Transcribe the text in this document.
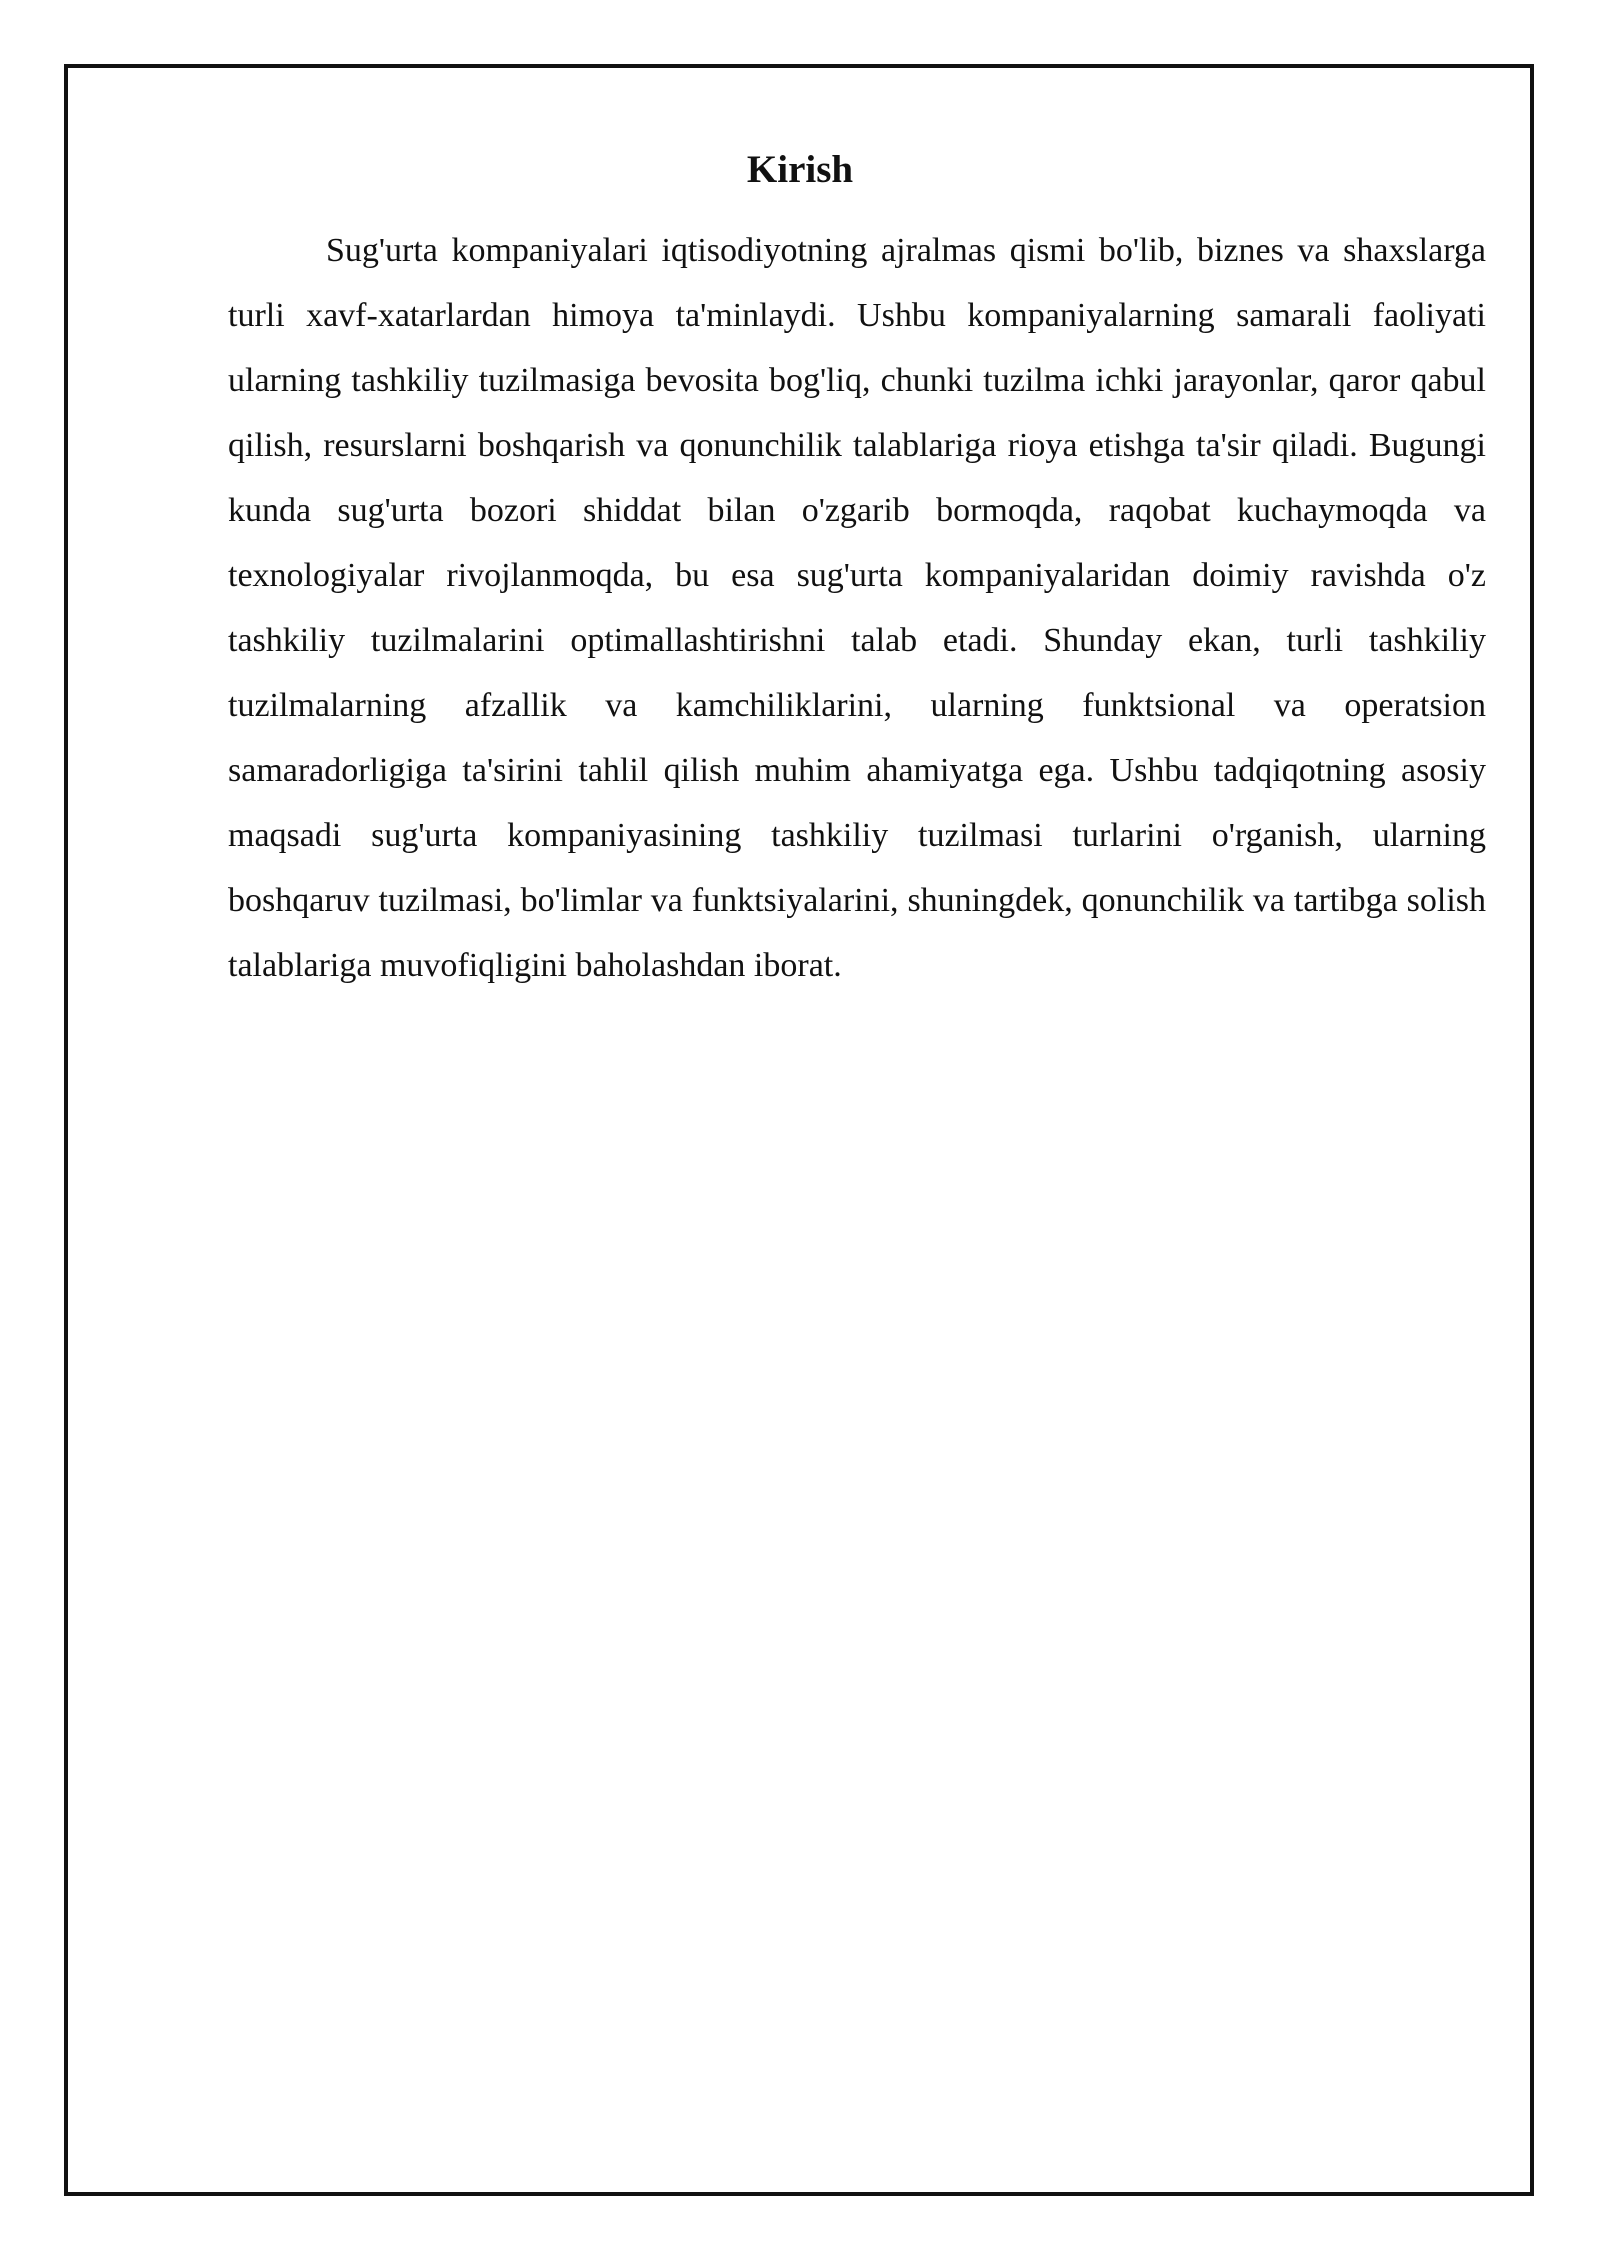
Kirish

Sug'urta kompaniyalari iqtisodiyotning ajralmas qismi bo'lib, biznes va shaxslarga turli xavf-xatarlardan himoya ta'minlaydi. Ushbu kompaniyalarning samarali faoliyati ularning tashkiliy tuzilmasiga bevosita bog'liq, chunki tuzilma ichki jarayonlar, qaror qabul qilish, resurslarni boshqarish va qonunchilik talablariga rioya etishga ta'sir qiladi. Bugungi kunda sug'urta bozori shiddat bilan o'zgarib bormoqda, raqobat kuchaymoqda va texnologiyalar rivojlanmoqda, bu esa sug'urta kompaniyalaridan doimiy ravishda o'z tashkiliy tuzilmalarini optimallashtirishni talab etadi. Shunday ekan, turli tashkiliy tuzilmalarning afzallik va kamchiliklarini, ularning funktsional va operatsion samaradorligiga ta'sirini tahlil qilish muhim ahamiyatga ega. Ushbu tadqiqotning asosiy maqsadi sug'urta kompaniyasining tashkiliy tuzilmasi turlarini o'rganish, ularning boshqaruv tuzilmasi, bo'limlar va funktsiyalarini, shuningdek, qonunchilik va tartibga solish talablariga muvofiqligini baholashdan iborat.
